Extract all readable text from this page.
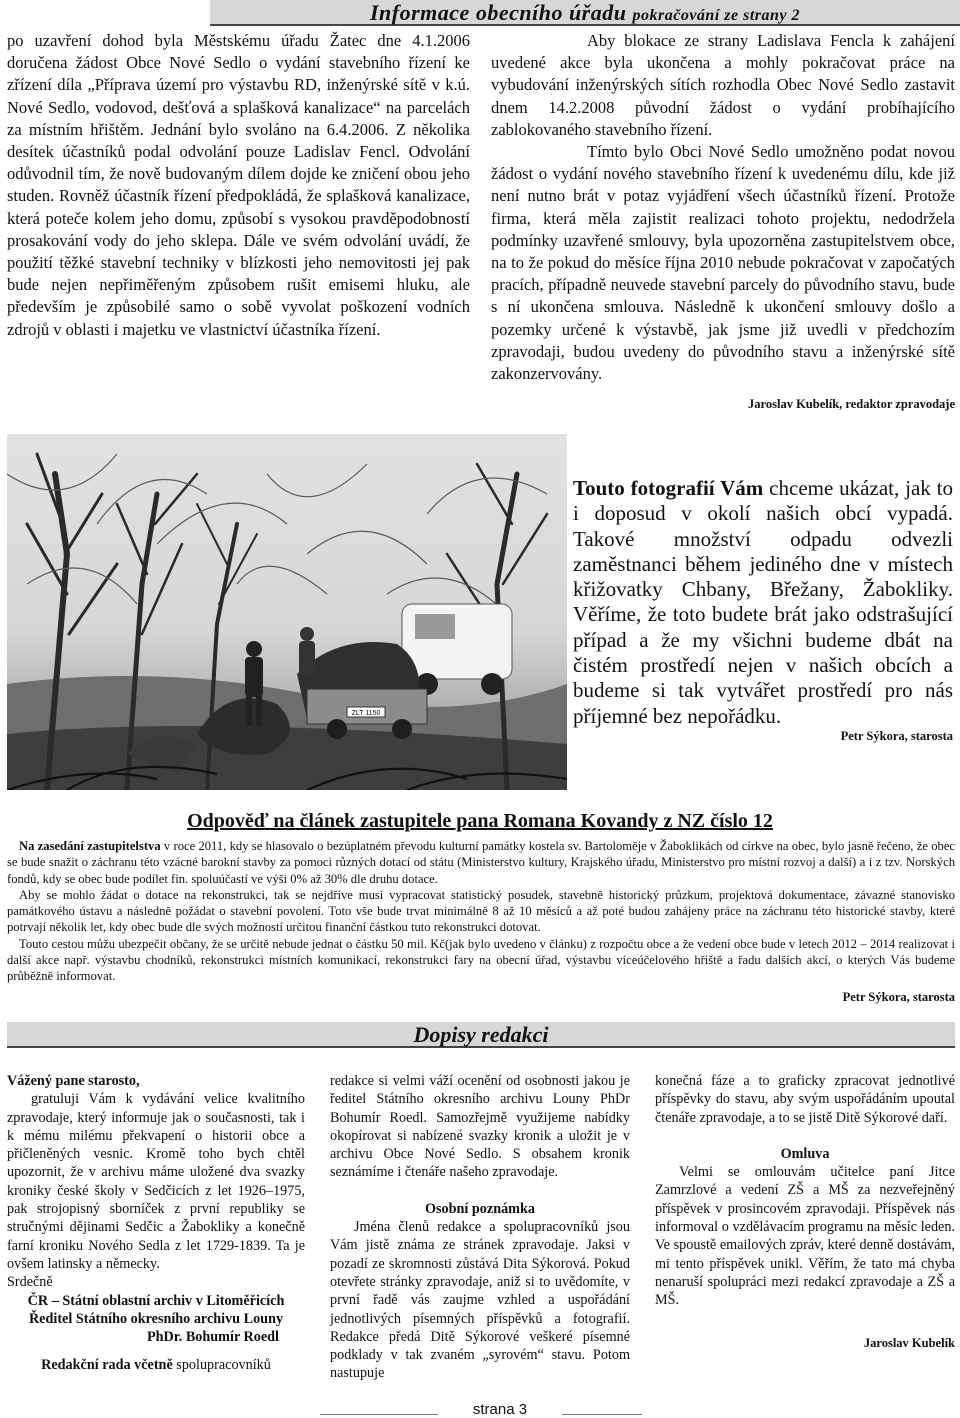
Informace obecního úřadu pokračování ze strany 2

po uzavření dohod byla Městskému úřadu Žatec dne 4.1.2006 doručena žádost Obce Nové Sedlo o vydání stavebního řízení ke zřízení díla „Příprava území pro výstavbu RD, inženýrské sítě v k.ú. Nové Sedlo, vodovod, dešťová a splašková kanalizace“ na parcelách za místním hřištěm. Jednání bylo svoláno na 6.4.2006. Z několika desítek účastníků podal odvolání pouze Ladislav Fencl. Odvolání odůvodnil tím, že nově budovaným dílem dojde ke zničení obou jeho studen. Rovněž účastník řízení předpokládá, že splašková kanalizace, která poteče kolem jeho domu, způsobí s vysokou pravděpodobností prosakování vody do jeho sklepa. Dále ve svém odvolání uvádí, že použití těžké stavební techniky v blízkosti jeho nemovitosti jej pak bude nejen nepřiměřeným způsobem rušit emisemi hluku, ale především je způsobilé samo o sobě vyvolat poškození vodních zdrojů v oblasti i majetku ve vlastnictví účastníka řízení.

Aby blokace ze strany Ladislava Fencla k zahájení uvedené akce byla ukončena a mohly pokračovat práce na vybudování inženýrských sítích rozhodla Obec Nové Sedlo zastavit dnem 14.2.2008 původní žádost o vydání probíhajícího zablokovaného stavebního řízení.

Tímto bylo Obci Nové Sedlo umožněno podat novou žádost o vydání nového stavebního řízení k uvedenému dílu, kde již není nutno brát v potaz vyjádření všech účastníků řízení. Protože firma, která měla zajistit realizaci tohoto projektu, nedodržela podmínky uzavřené smlouvy, byla upozorněna zastupitelstvem obce, na to že pokud do měsíce října 2010 nebude pokračovat v započatých pracích, případně neuvede stavební parcely do původního stavu, bude s ní ukončena smlouva. Následně k ukončení smlouvy došlo a pozemky určené k výstavbě, jak jsme již uvedli v předchozím zpravodaji, budou uvedeny do původního stavu a inženýrské sítě zakonzervovány.

Jaroslav Kubelík, redaktor zpravodaje

ZLT 1150

Touto fotografií Vám chceme ukázat, jak to i doposud v okolí našich obcí vypadá. Takové množství odpadu odvezli zaměstnanci během jediného dne v místech křižovatky Chbany, Břežany, Žabokliky. Věříme, že toto budete brát jako odstrašující případ a že my všichni budeme dbát na čistém prostředí nejen v našich obcích a budeme si tak vytvářet prostředí pro nás příjemné bez nepořádku.

Petr Sýkora, starosta

Odpověď na článek zastupitele pana Romana Kovandy z NZ číslo 12

Na zasedání zastupitelstva v roce 2011, kdy se hlasovalo o bezúplatném převodu kulturní památky kostela sv. Bartoloměje v Žaboklikách od církve na obec, bylo jasně řečeno, že obec se bude snažit o záchranu této vzácné barokní stavby za pomoci různých dotací od státu (Ministerstvo kultury, Krajského úřadu, Ministerstvo pro místní rozvoj a další) a i z tzv. Norských fondů, kdy se obec bude podílet fin. spoluúčastí ve výši 0% až 30% dle druhu dotace.

Aby se mohlo žádat o dotace na rekonstrukci, tak se nejdříve musí vypracovat statistický posudek, stavebně historický průzkum, projektová dokumentace, závazné stanovisko památkového ústavu a následně požádat o stavební povolení. Toto vše bude trvat minimálně 8 až 10 měsíců a až poté budou zahájeny práce na záchranu této historické stavby, které potrvají několik let, kdy obec bude dle svých možností určitou finanční částkou tuto rekonstrukci dotovat.

Touto cestou můžu ubezpečit občany, že se určitě nebude jednat o částku 50 mil. Kč(jak bylo uvedeno v článku) z rozpočtu obce a že vedení obce bude v letech 2012 – 2014 realizovat i další akce např. výstavbu chodníků, rekonstrukci místních komunikací, rekonstrukci fary na obecní úřad, výstavbu víceúčelového hřiště a řadu dalších akcí, o kterých Vás budeme průběžně informovat.

Petr Sýkora, starosta

Dopisy redakci

Vážený pane starosto,

gratuluji Vám k vydávání velice kvalitního zpravodaje, který informuje jak o současnosti, tak i k mému milému překvapení o historii obce a přičleněných vesnic. Kromě toho bych chtěl upozornit, že v archivu máme uložené dva svazky kroniky české školy v Sedčicích z let 1926–1975, pak strojopisný sborníček z první republiky se stručnými dějinami Sedčic a Žabokliky a konečně farní kroniku Nového Sedla z let 1729-1839. Ta je ovšem latinsky a německy.

Srdečně

ČR – Státní oblastní archiv v Litoměřicích

Ředitel Státního okresního archivu Louny

PhDr. Bohumír Roedl

Redakční rada včetně spolupracovníků

redakce si velmi váží ocenění od osobnosti jakou je ředitel Státního okresního archivu Louny PhDr Bohumír Roedl. Samozřejmě využijeme nabídky okopírovat si nabízené svazky kronik a uložit je v archivu Obce Nové Sedlo. S obsahem kronik seznámíme i čtenáře našeho zpravodaje.

Osobní poznámka

Jména členů redakce a spolupracovníků jsou Vám jistě známa ze stránek zpravodaje. Jaksi v pozadí ze skromnosti zůstává Dita Sýkorová. Pokud otevřete stránky zpravodaje, aniž si to uvědomíte, v první řadě vás zaujme vzhled a uspořádání jednotlivých písemných příspěvků a fotografií. Redakce předá Ditě Sýkorové veškeré písemné podklady v tak zvaném „syrovém“ stavu. Potom nastupuje

konečná fáze a to graficky zpracovat jednotlivé příspěvky do stavu, aby svým uspořádáním upoutal čtenáře zpravodaje, a to se jistě Ditě Sýkorové daří.

Omluva

Velmi se omlouvám učitelce paní Jitce Zamrzlové a vedení ZŠ a MŠ za nezveřejněný příspěvek v prosincovém zpravodaji. Příspěvek nás informoval o vzdělávacím programu na měsíc leden. Ve spoustě emailových zpráv, které denně dostávám, mi tento příspěvek unikl. Věřím, že tato má chyba nenaruší spolupráci mezi redakcí zpravodaje a ZŠ a MŠ.

Jaroslav Kubelík

strana 3
